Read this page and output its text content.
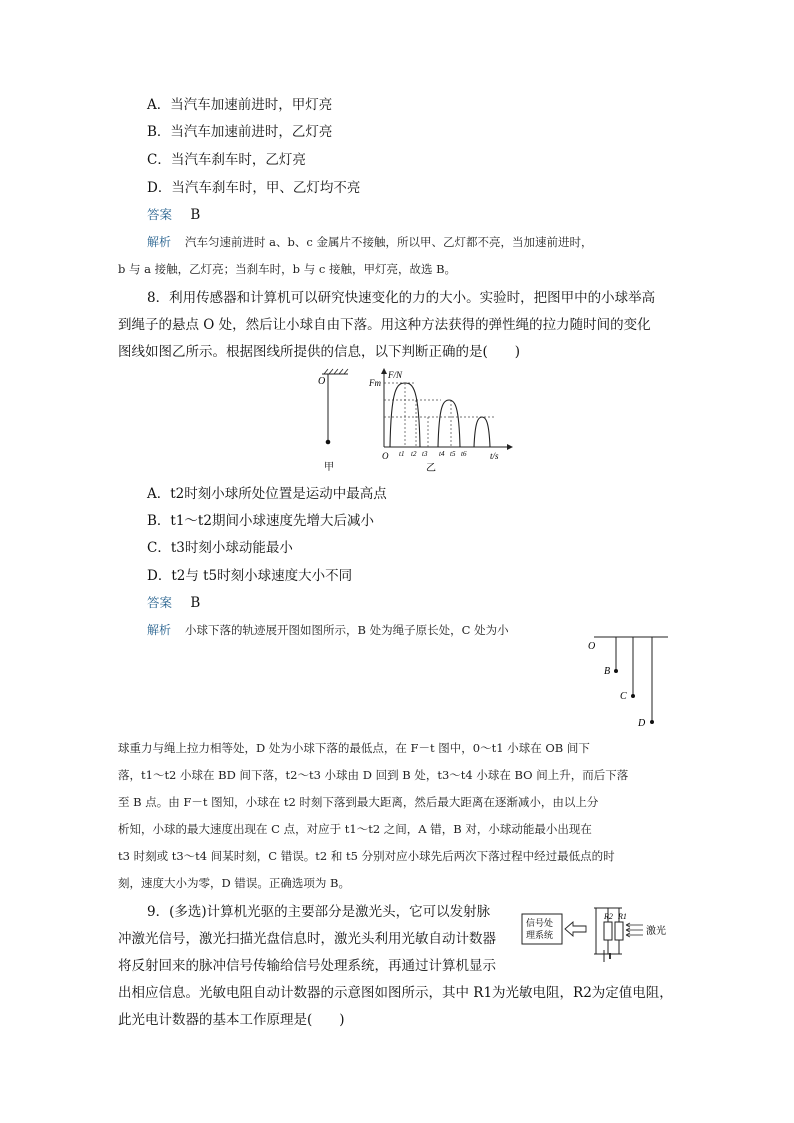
A．当汽车加速前进时，甲灯亮
B．当汽车加速前进时，乙灯亮
C．当汽车刹车时，乙灯亮
D．当汽车刹车时，甲、乙灯均不亮
答案 B
解析 汽车匀速前进时 a、b、c 金属片不接触，所以甲、乙灯都不亮，当加速前进时，
b 与 a 接触，乙灯亮；当刹车时，b 与 c 接触，甲灯亮，故选 B。
8．利用传感器和计算机可以研究快速变化的力的大小。实验时，把图甲中的小球举高
到绳子的悬点 O 处，然后让小球自由下落。用这种方法获得的弹性绳的拉力随时间的变化
图线如图乙所示。根据图线所提供的信息，以下判断正确的是(　　)
O
甲
F/N
Fm
O	t/s
t1 t2 t3 t4 t5 t6
乙
A．t2时刻小球所处位置是运动中最高点
B．t1～t2期间小球速度先增大后减小
C．t3时刻小球动能最小
D．t2与 t5时刻小球速度大小不同
答案 B
解析 小球下落的轨迹展开图如图所示，B 处为绳子原长处，C 处为小
O
B
C
D
球重力与绳上拉力相等处，D 处为小球下落的最低点，在 F－t 图中，0～t1 小球在 OB 间下
落，t1～t2 小球在 BD 间下落，t2～t3 小球由 D 回到 B 处，t3～t4 小球在 BO 间上升，而后下落
至 B 点。由 F－t 图知，小球在 t2 时刻下落到最大距离，然后最大距离在逐渐减小，由以上分
析知，小球的最大速度出现在 C 点，对应于 t1～t2 之间，A 错，B 对，小球动能最小出现在
t3 时刻或 t3～t4 间某时刻，C 错误。t2 和 t5 分别对应小球先后两次下落过程中经过最低点的时
刻，速度大小为零，D 错误。正确选项为 B。
9．(多选)计算机光驱的主要部分是激光头，它可以发射脉
冲激光信号，激光扫描光盘信息时，激光头利用光敏自动计数器
将反射回来的脉冲信号传输给信号处理系统，再通过计算机显示
出相应信息。光敏电阻自动计数器的示意图如图所示，其中 R1为光敏电阻，R2为定值电阻，
此光电计数器的基本工作原理是(　　)
信号处
理系统
R2 R1
激光
